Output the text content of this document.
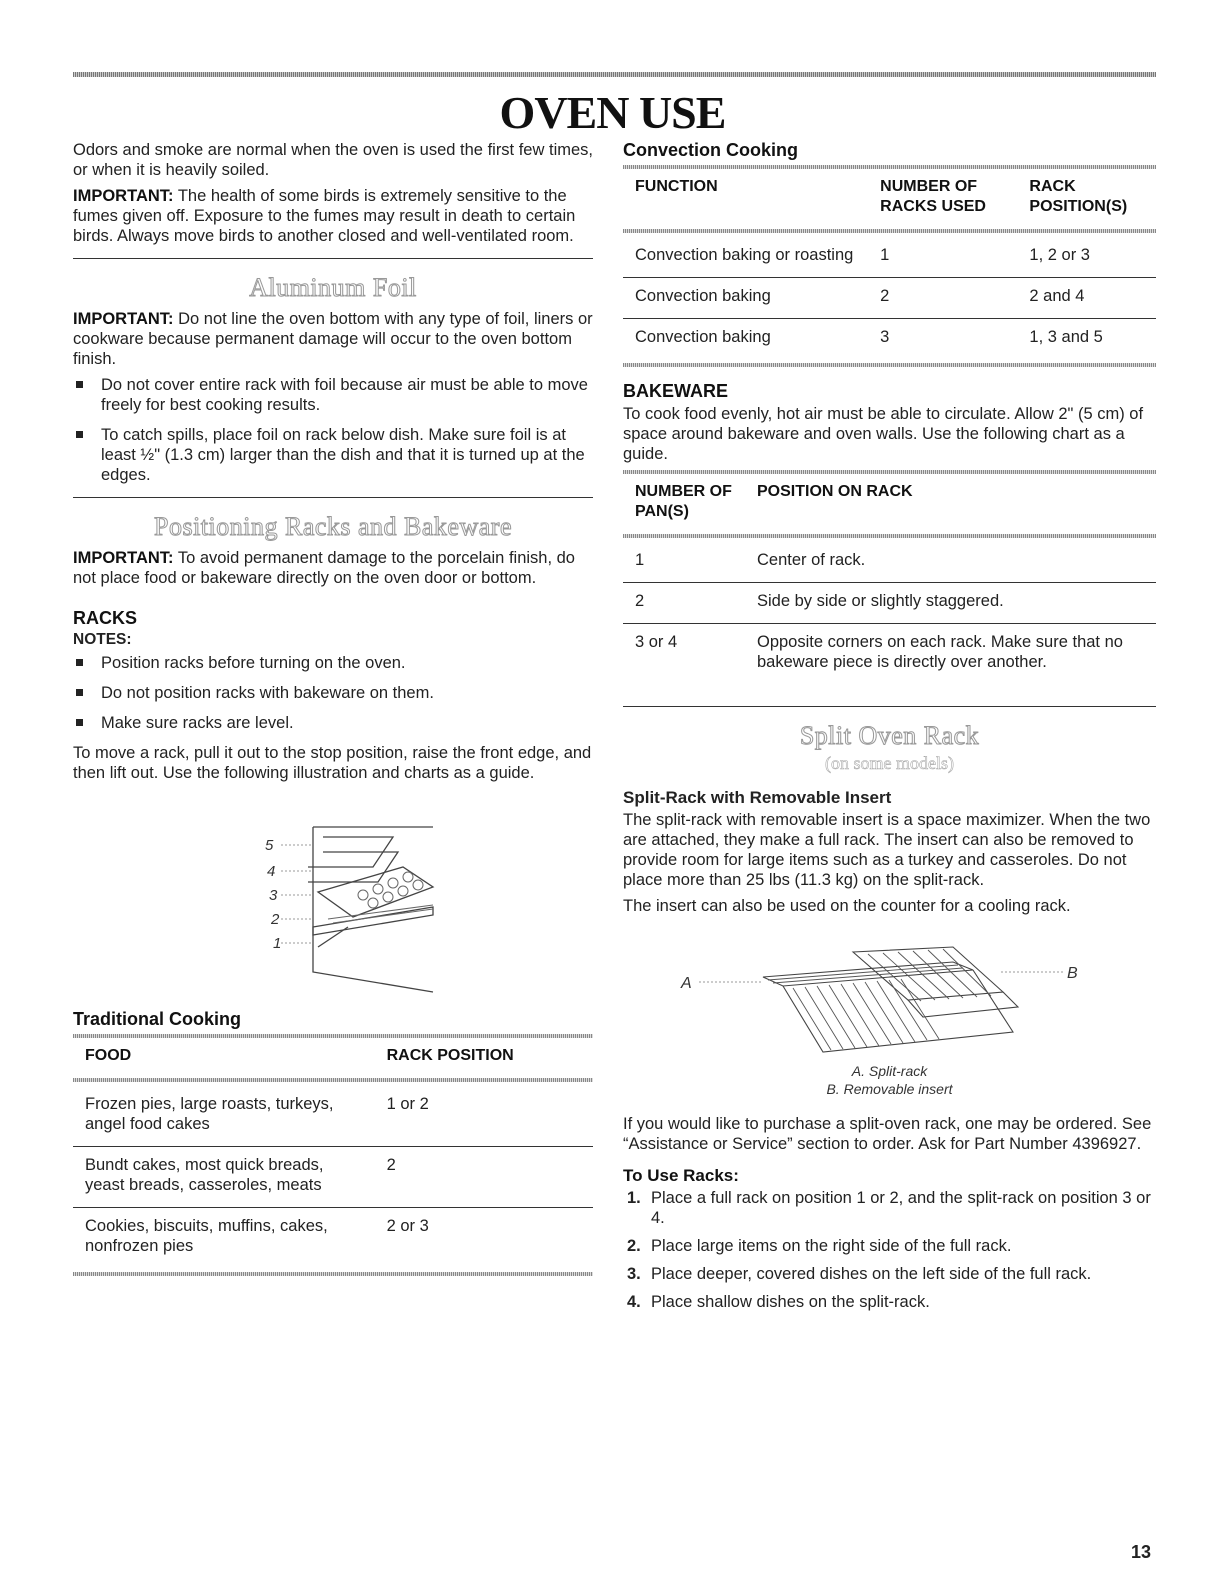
OVEN USE

Odors and smoke are normal when the oven is used the first few times, or when it is heavily soiled.

IMPORTANT: The health of some birds is extremely sensitive to the fumes given off. Exposure to the fumes may result in death to certain birds. Always move birds to another closed and well-ventilated room.

Aluminum Foil

IMPORTANT: Do not line the oven bottom with any type of foil, liners or cookware because permanent damage will occur to the oven bottom finish.

Do not cover entire rack with foil because air must be able to move freely for best cooking results.
To catch spills, place foil on rack below dish. Make sure foil is at least ½" (1.3 cm) larger than the dish and that it is turned up at the edges.
Positioning Racks and Bakeware

IMPORTANT: To avoid permanent damage to the porcelain finish, do not place food or bakeware directly on the oven door or bottom.

RACKS
NOTES:
Position racks before turning on the oven.
Do not position racks with bakeware on them.
Make sure racks are level.

To move a rack, pull it out to the stop position, raise the front edge, and then lift out. Use the following illustration and charts as a guide.

5
4
3
2
1
Traditional Cooking
FOOD	RACK POSITION

Frozen pies, large roasts, turkeys, angel food cakes	1 or 2
Bundt cakes, most quick breads, yeast breads, casseroles, meats	2
Cookies, biscuits, muffins, cakes, nonfrozen pies	2 or 3
Convection Cooking
FUNCTION	NUMBER OF RACKS USED	RACK POSITION(S)

Convection baking or roasting	1	1, 2 or 3
Convection baking	2	2 and 4
Convection baking	3	1, 3 and 5
BAKEWARE

To cook food evenly, hot air must be able to circulate. Allow 2" (5 cm) of space around bakeware and oven walls. Use the following chart as a guide.

NUMBER OF PAN(S)	POSITION ON RACK

1	Center of rack.
2	Side by side or slightly staggered.
3 or 4	Opposite corners on each rack. Make sure that no bakeware piece is directly over another.
Split Oven Rack
(on some models)
Split-Rack with Removable Insert

The split-rack with removable insert is a space maximizer. When the two are attached, they make a full rack. The insert can also be removed to provide room for large items such as a turkey and casseroles. Do not place more than 25 lbs (11.3 kg) on the split-rack.

The insert can also be used on the counter for a cooling rack.

A
B
A. Split-rack
B. Removable insert

If you would like to purchase a split-oven rack, one may be ordered. See “Assistance or Service” section to order. Ask for Part Number 4396927.

To Use Racks:
1. Place a full rack on position 1 or 2, and the split-rack on position 3 or 4.
2. Place large items on the right side of the full rack.
3. Place deeper, covered dishes on the left side of the full rack.
4. Place shallow dishes on the split-rack.
13
